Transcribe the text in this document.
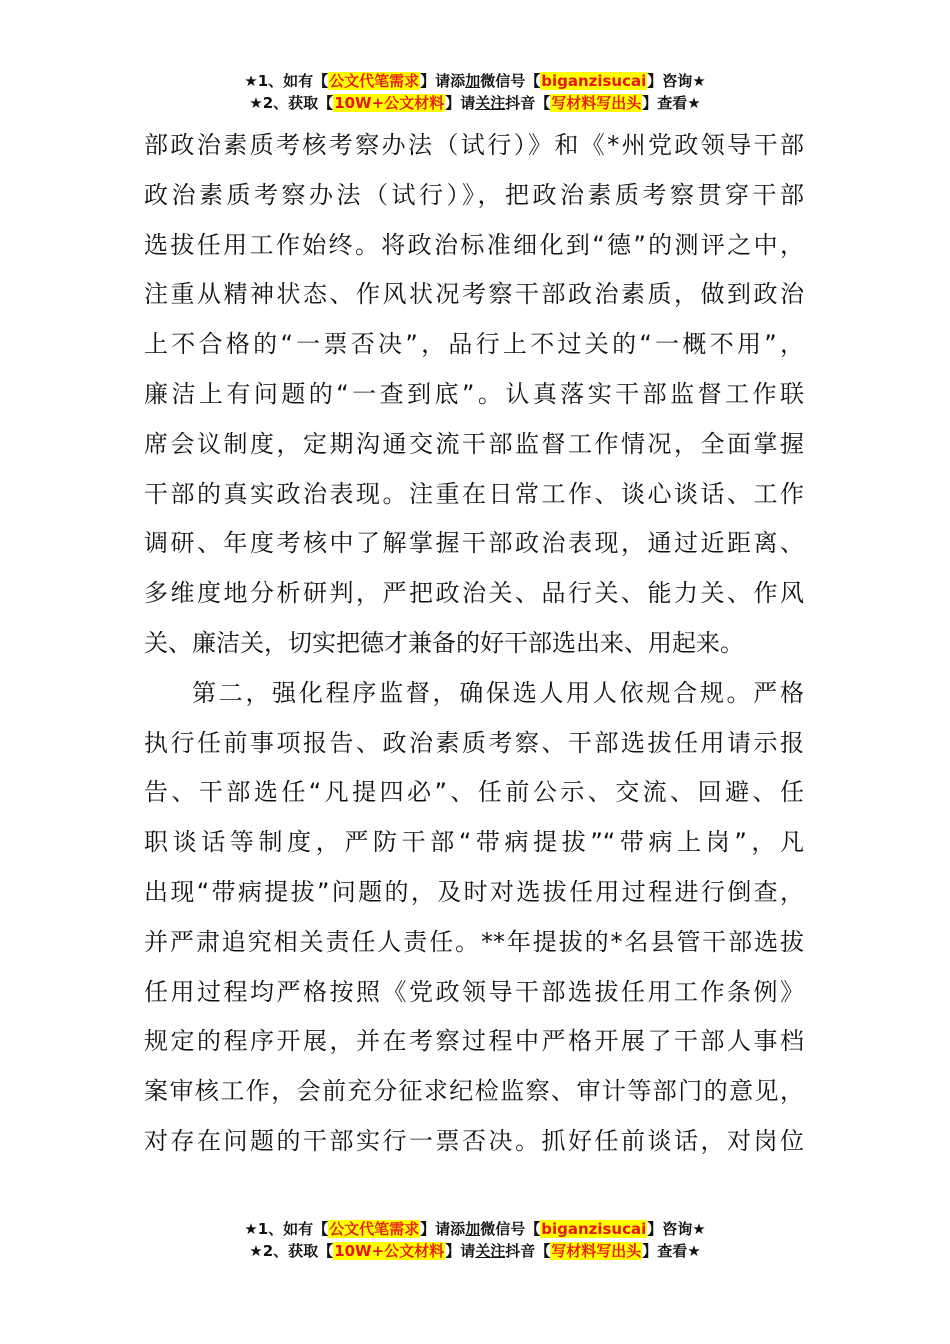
★1、如有【公文代笔需求】请添加微信号【biganzisucai】咨询★
★2、获取【10W+公文材料】请关注抖音【写材料写出头】查看★
部政治素质考核考察办法（试行）》和《*州党政领导干部
政治素质考察办法（试行）》，把政治素质考察贯穿干部
选拔任用工作始终。将政治标准细化到“德”的测评之中，
注重从精神状态、作风状况考察干部政治素质，做到政治
上不合格的“一票否决”，品行上不过关的“一概不用”，
廉洁上有问题的“一查到底”。认真落实干部监督工作联
席会议制度，定期沟通交流干部监督工作情况，全面掌握
干部的真实政治表现。注重在日常工作、谈心谈话、工作
调研、年度考核中了解掌握干部政治表现，通过近距离、
多维度地分析研判，严把政治关、品行关、能力关、作风
关、廉洁关，切实把德才兼备的好干部选出来、用起来。
第二，强化程序监督，确保选人用人依规合规。严格
执行任前事项报告、政治素质考察、干部选拔任用请示报
告、干部选任“凡提四必”、任前公示、交流、回避、任
职谈话等制度，严防干部“带病提拔”“带病上岗”，凡
出现“带病提拔”问题的，及时对选拔任用过程进行倒查，
并严肃追究相关责任人责任。**年提拔的*名县管干部选拔
任用过程均严格按照《党政领导干部选拔任用工作条例》
规定的程序开展，并在考察过程中严格开展了干部人事档
案审核工作，会前充分征求纪检监察、审计等部门的意见，
对存在问题的干部实行一票否决。抓好任前谈话，对岗位
★1、如有【公文代笔需求】请添加微信号【biganzisucai】咨询★
★2、获取【10W+公文材料】请关注抖音【写材料写出头】查看★
